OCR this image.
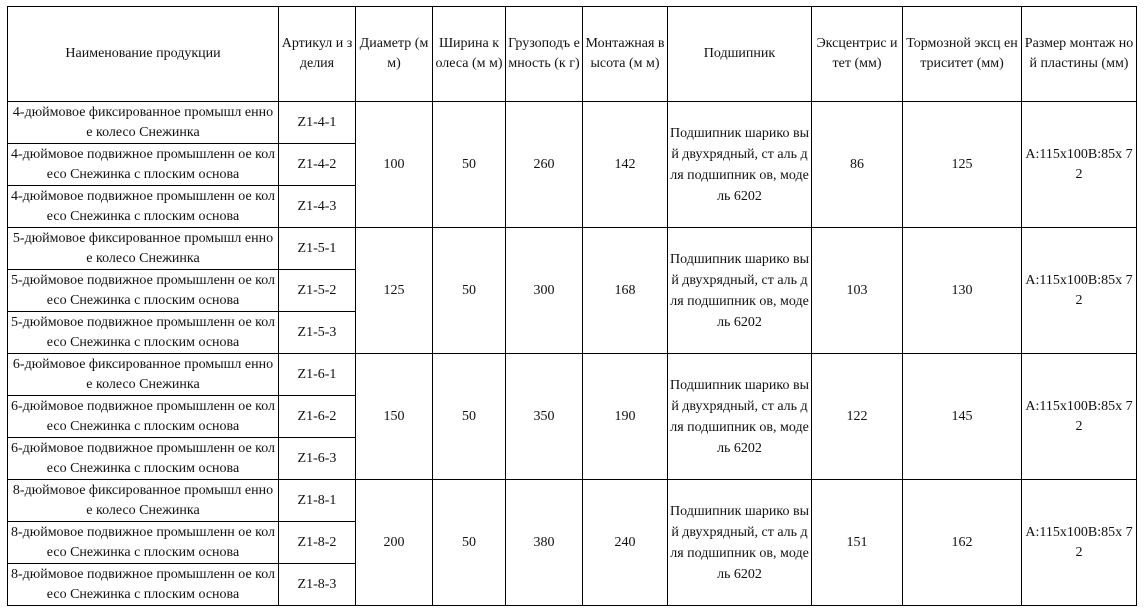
Наименование продукции	Артикул и зделия	Диаметр (мм)	Ширина к олеса (м м)	Грузоподъ емность (к г)	Монтажная высота (м м)	Подшипник	Эксцентрис итет (мм)	Тормозной эксц ентриситет (мм)	Размер монтаж ной пластины (мм)
4-дюймовое фиксированное промышл енное колесо Снежинка	Z1-4-1	100	50	260	142	Подшипник шарико вый двухрядный, ст аль для подшипник ов, модель 6202	86	125	A:115x100B:85x 72
4-дюймовое подвижное промышленн ое колесо Снежинка с плоским основа	Z1-4-2								
4-дюймовое подвижное промышленн ое колесо Снежинка с плоским основа	Z1-4-3								
5-дюймовое фиксированное промышл енное колесо Снежинка	Z1-5-1	125	50	300	168	Подшипник шарико вый двухрядный, ст аль для подшипник ов, модель 6202	103	130	A:115x100B:85x 72
5-дюймовое подвижное промышленн ое колесо Снежинка с плоским основа	Z1-5-2								
5-дюймовое подвижное промышленн ое колесо Снежинка с плоским основа	Z1-5-3								
6-дюймовое фиксированное промышл енное колесо Снежинка	Z1-6-1	150	50	350	190	Подшипник шарико вый двухрядный, ст аль для подшипник ов, модель 6202	122	145	A:115x100B:85x 72
6-дюймовое подвижное промышленн ое колесо Снежинка с плоским основа	Z1-6-2								
6-дюймовое подвижное промышленн ое колесо Снежинка с плоским основа	Z1-6-3								
8-дюймовое фиксированное промышл енное колесо Снежинка	Z1-8-1	200	50	380	240	Подшипник шарико вый двухрядный, ст аль для подшипник ов, модель 6202	151	162	A:115x100B:85x 72
8-дюймовое подвижное промышленн ое колесо Снежинка с плоским основа	Z1-8-2								
8-дюймовое подвижное промышленн ое колесо Снежинка с плоским основа	Z1-8-3								
